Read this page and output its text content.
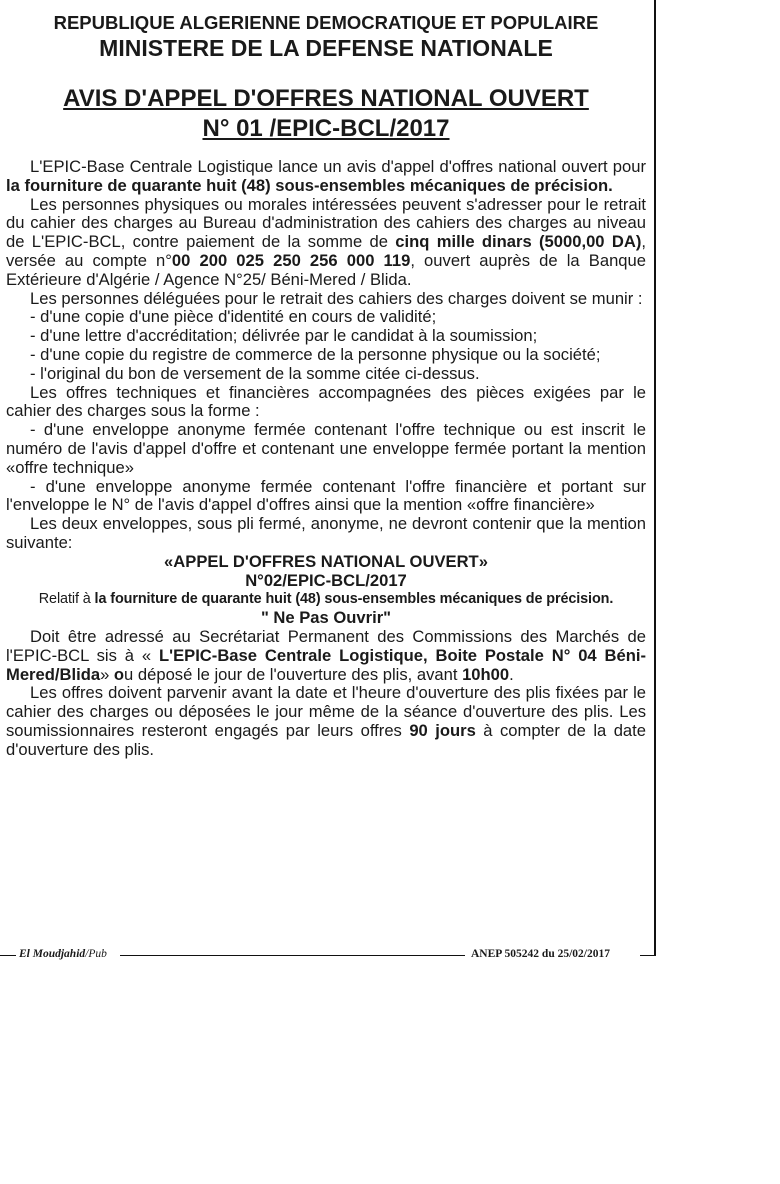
REPUBLIQUE ALGERIENNE DEMOCRATIQUE ET POPULAIRE

MINISTERE DE LA DEFENSE NATIONALE

AVIS D'APPEL D'OFFRES NATIONAL OUVERT

N° 01 /EPIC-BCL/2017

L'EPIC-Base Centrale Logistique lance un avis d'appel d'offres national ouvert pour la fourniture de quarante huit (48) sous-ensembles mécaniques de précision.

Les personnes physiques ou morales intéressées peuvent s'adresser pour le retrait du cahier des charges au Bureau d'administration des cahiers des charges au niveau de L'EPIC-BCL, contre paiement de la somme de cinq mille dinars (5000,00 DA), versée au compte n°00 200 025 250 256 000 119, ouvert auprès de la Banque Extérieure d'Algérie / Agence N°25/ Béni-Mered / Blida.

Les personnes déléguées pour le retrait des cahiers des charges doivent se munir :

- d'une copie d'une pièce d'identité en cours de validité;

- d'une lettre d'accréditation; délivrée par le candidat à la soumission;

- d'une copie du registre de commerce de la personne physique ou la société;

- l'original du bon de versement de la somme citée ci-dessus.

Les offres techniques et financières accompagnées des pièces exigées par le cahier des charges sous la forme :

- d'une enveloppe anonyme fermée contenant l'offre technique ou est inscrit le numéro de l'avis d'appel d'offre et contenant une enveloppe fermée portant la mention «offre technique»

- d'une enveloppe anonyme fermée contenant l'offre financière et portant sur l'enveloppe le N° de l'avis d'appel d'offres ainsi que la mention «offre financière»

Les deux enveloppes, sous pli fermé, anonyme, ne devront contenir que la mention suivante:

«APPEL D'OFFRES NATIONAL OUVERT»

N°02/EPIC-BCL/2017

Relatif à la fourniture de quarante huit (48) sous-ensembles mécaniques de précision.

" Ne Pas Ouvrir"

Doit être adressé au Secrétariat Permanent des Commissions des Marchés de l'EPIC-BCL sis à « L'EPIC-Base Centrale Logistique, Boite Postale N° 04 Béni-Mered/Blida» ou déposé le jour de l'ouverture des plis, avant 10h00.

Les offres doivent parvenir avant la date et l'heure d'ouverture des plis fixées par le cahier des charges ou déposées le jour même de la séance d'ouverture des plis. Les soumissionnaires resteront engagés par leurs offres 90 jours à compter de la date d'ouverture des plis.

El Moudjahid/Pub	ANEP 505242 du 25/02/2017
